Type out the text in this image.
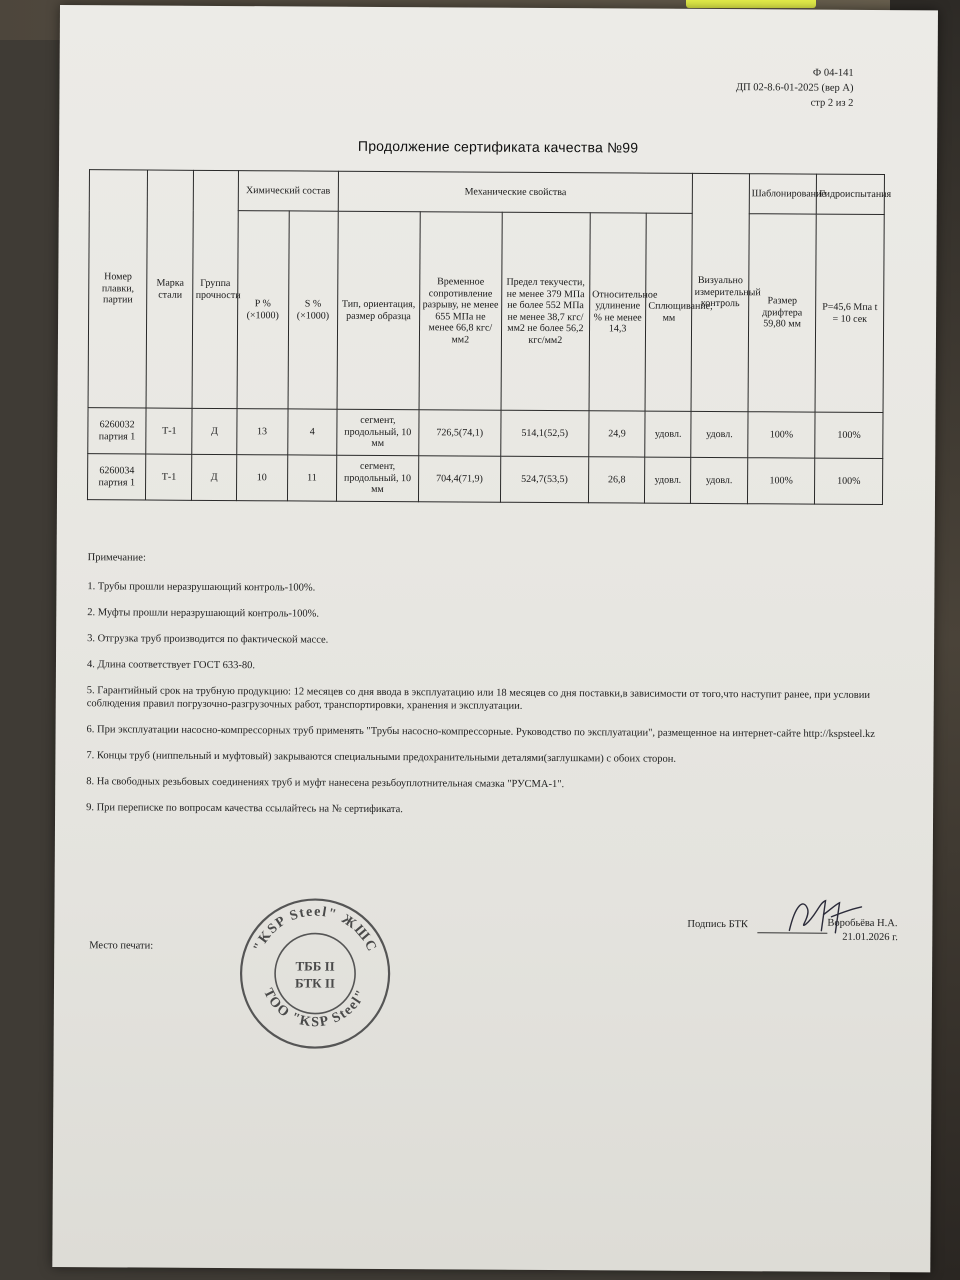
Ф 04-141
ДП 02-8.6-01-2025 (вер А)
стр 2 из 2
Продолжение сертификата качества №99
Номер плавки, партии	Марка стали	Группа прочности	Химический состав		Механические свойства					Визуально измерительный контроль	Шаблонирование	Гидроиспытания
			P % (×1000)	S % (×1000)	Тип, ориентация, размер образца	Временное сопротивление разрыву, не менее 655 МПа не менее 66,8 кгс/мм2	Предел текучести, не менее 379 МПа не более 552 МПа не менее 38,7 кгс/мм2 не более 56,2 кгс/мм2	Относительное удлинение % не менее 14,3	Сплющивание, мм		Размер дрифтера 59,80 мм	P=45,6 Мпа t = 10 сек
6260032
партия 1	Т-1	Д	13	4	сегмент, продольный, 10 мм	726,5(74,1)	514,1(52,5)	24,9	удовл.	удовл.	100%	100%
6260034
партия 1	Т-1	Д	10	11	сегмент, продольный, 10 мм	704,4(71,9)	524,7(53,5)	26,8	удовл.	удовл.	100%	100%
Примечание:
1. Трубы прошли неразрушающий контроль-100%.
2. Муфты прошли неразрушающий контроль-100%.
3. Отгрузка труб производится по фактической массе.
4. Длина соответствует ГОСТ 633-80.
5. Гарантийный срок на трубную продукцию: 12 месяцев со дня ввода в эксплуатацию или 18 месяцев со дня поставки,в зависимости от того,что наступит ранее, при условии соблюдения правил погрузочно-разгрузочных работ, транспортировки, хранения и эксплуатации.
6. При эксплуатации насосно-компрессорных труб применять "Трубы насосно-компрессорные. Руководство по эксплуатации", размещенное на интернет-сайте http://kspsteel.kz
7. Концы труб (ниппельный и муфтовый) закрываются специальными предохранительными деталями(заглушками) с обоих сторон.
8. На свободных резьбовых соединениях труб и муфт нанесена резьбоуплотнительная смазка "РУСМА-1".
9. При переписке по вопросам качества ссылайтесь на № сертификата.
Место печати:	"KSP Steel" ЖШС
ТОО "KSP Steel"
ТББ II
БТК II
Подпись БТК	Воробьёва Н.А.
21.01.2026 г.
